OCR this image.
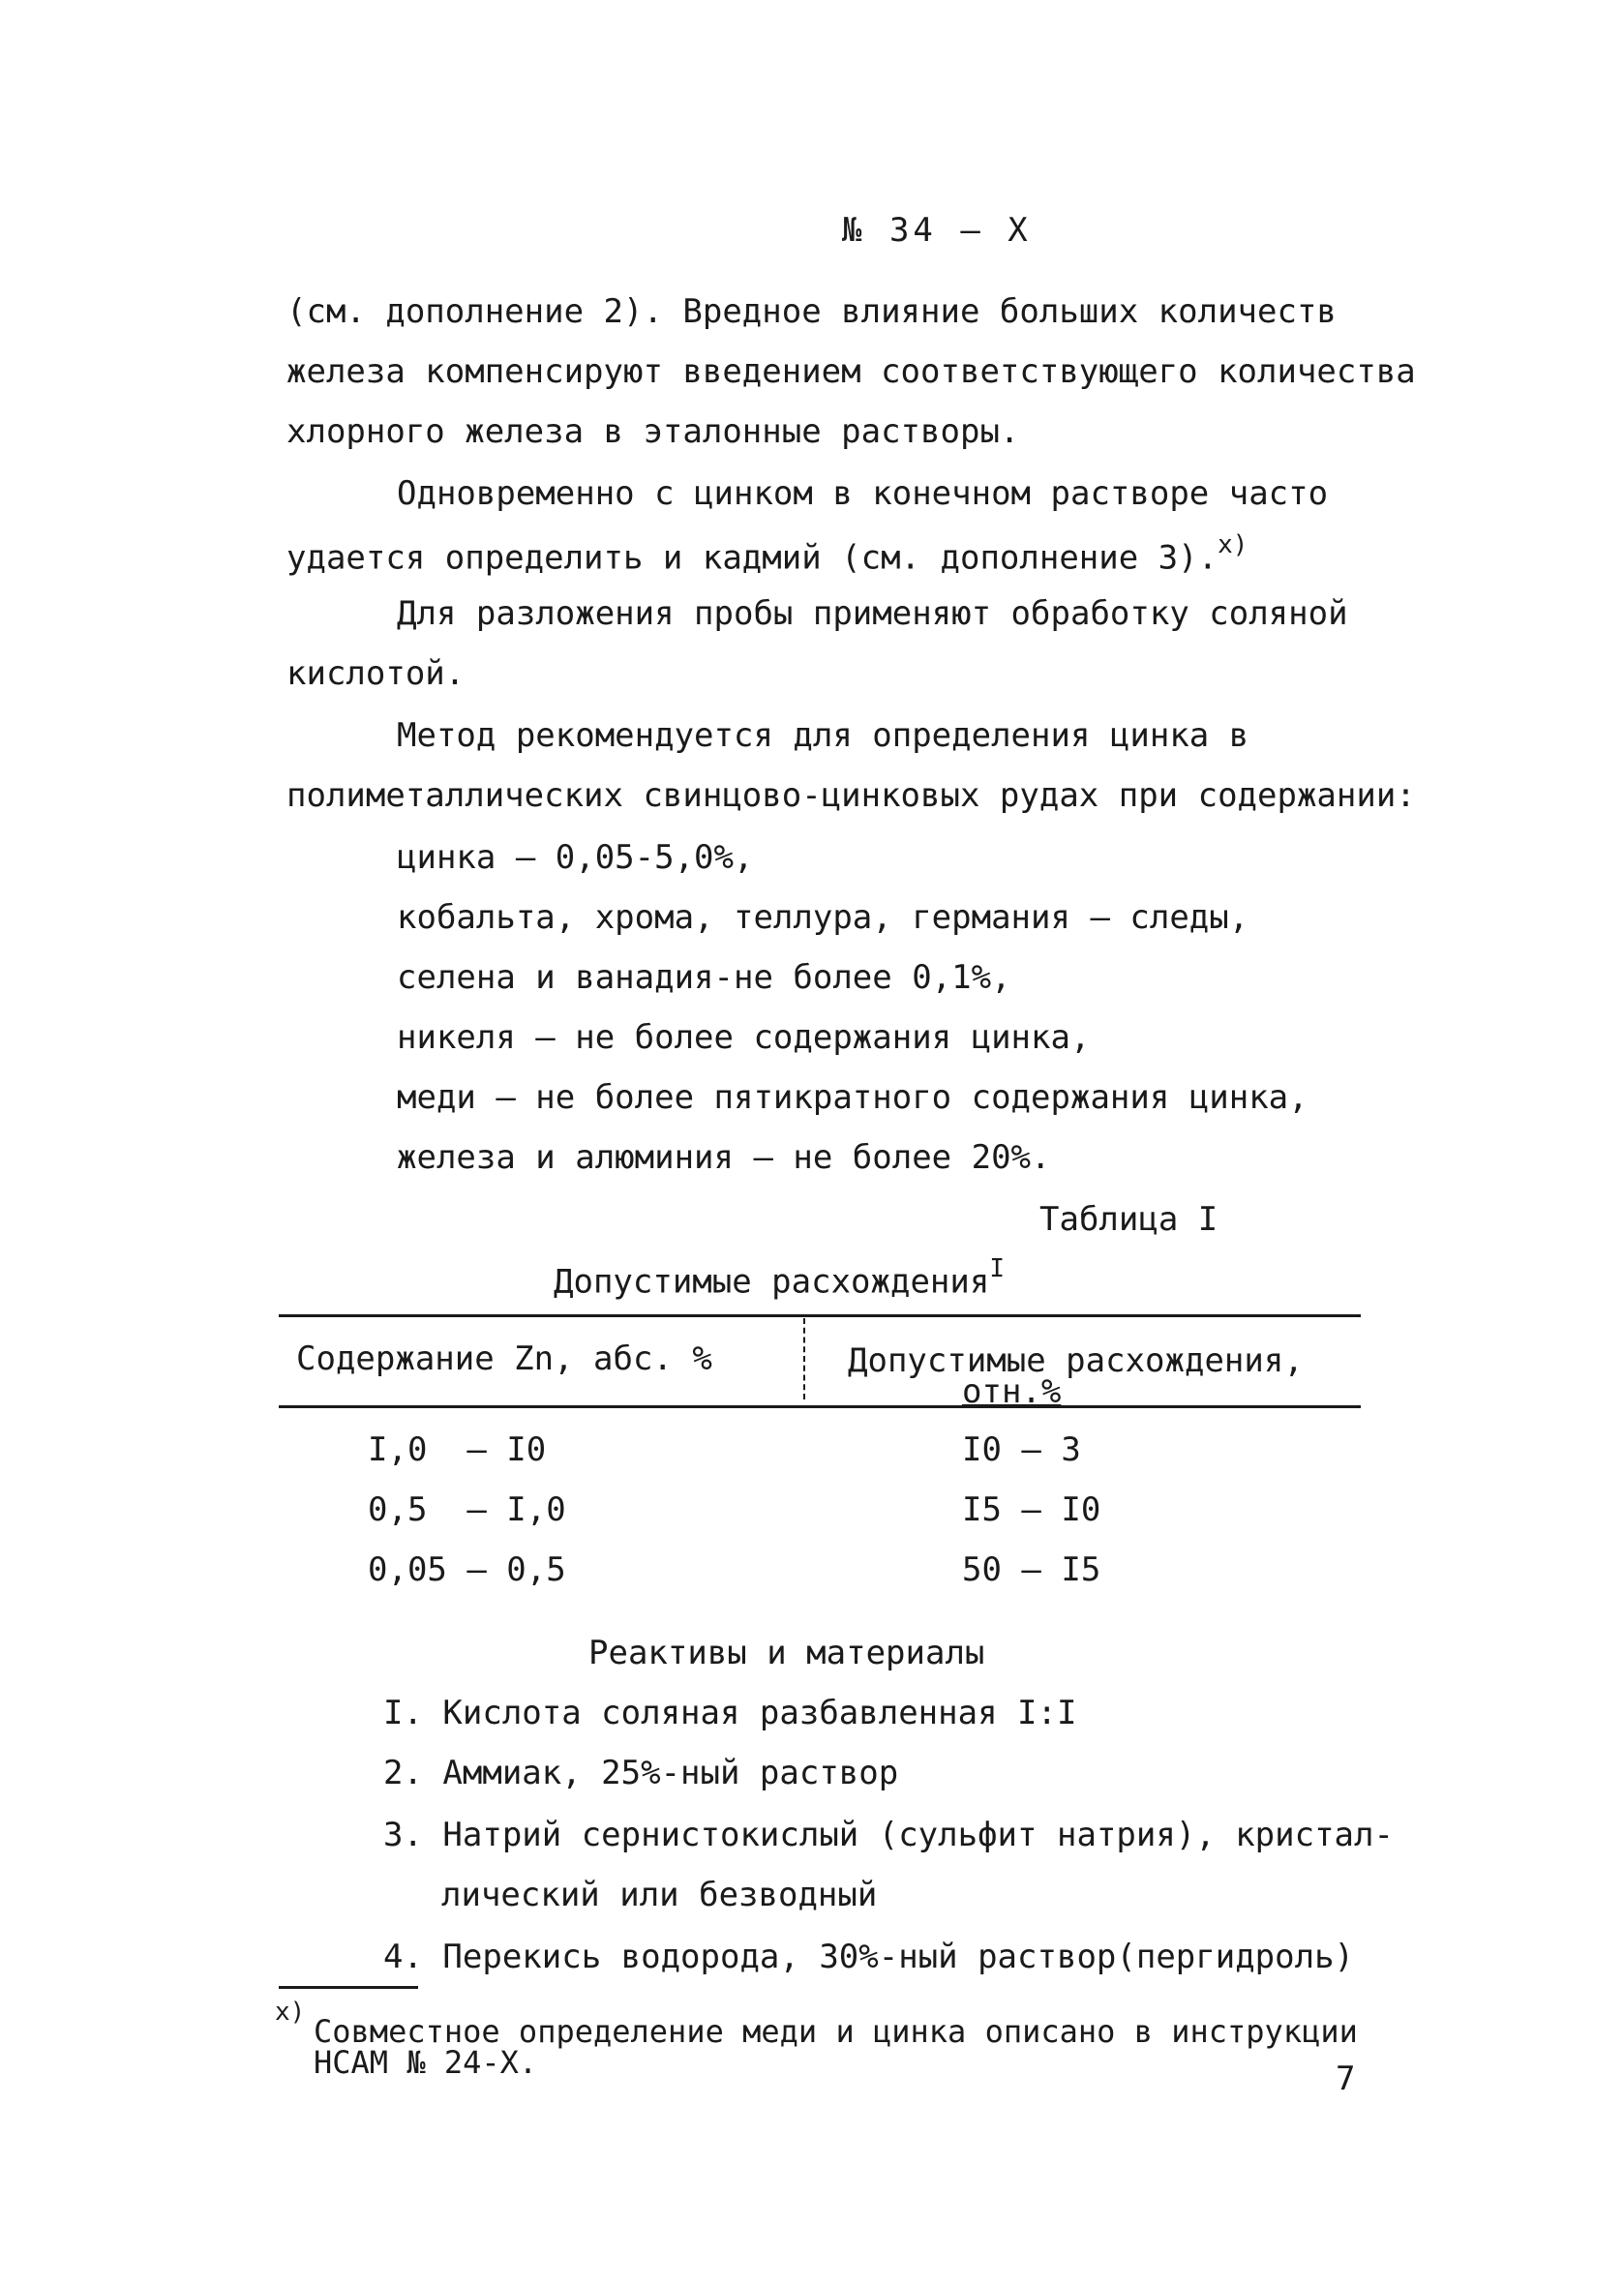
№ 34 – X
(см. дополнение 2). Вредное влияние больших количеств
железа компенсируют введением соответствующего количества
хлорного железа в эталонные растворы.
Одновременно с цинком в конечном растворе часто
удается определить и кадмий (см. дополнение 3).$^{x)}$
Для разложения пробы применяют обработку соляной
кислотой.
Метод рекомендуется для определения цинка в
полиметаллических свинцово-цинковых рудах при содержании:
цинка – 0,05-5,0%,
кобальта, хрома, теллура, германия – следы,
селена и ванадия-не более 0,1%,
никеля – не более содержания цинка,
меди – не более пятикратного содержания цинка,
железа и алюминия – не более 20%.
Таблица I
Допустимые расхождения$^I$
Содержание Zn, абс. %	Допустимые расхождения,
отн.%
I,0  – I0	I0 – 3
0,5  – I,0	I5 – I0
0,05 – 0,5	50 – I5
Реактивы и материалы
I. Кислота соляная разбавленная I:I
2. Аммиак, 25%-ный раствор
3. Натрий сернистокислый (сульфит натрия), кристал-
лический или безводный
4. Перекись водорода, 30%-ный раствор(пергидроль)
x)
Совместное определение меди и цинка описано в инструкции
НСАМ № 24-X.	7
